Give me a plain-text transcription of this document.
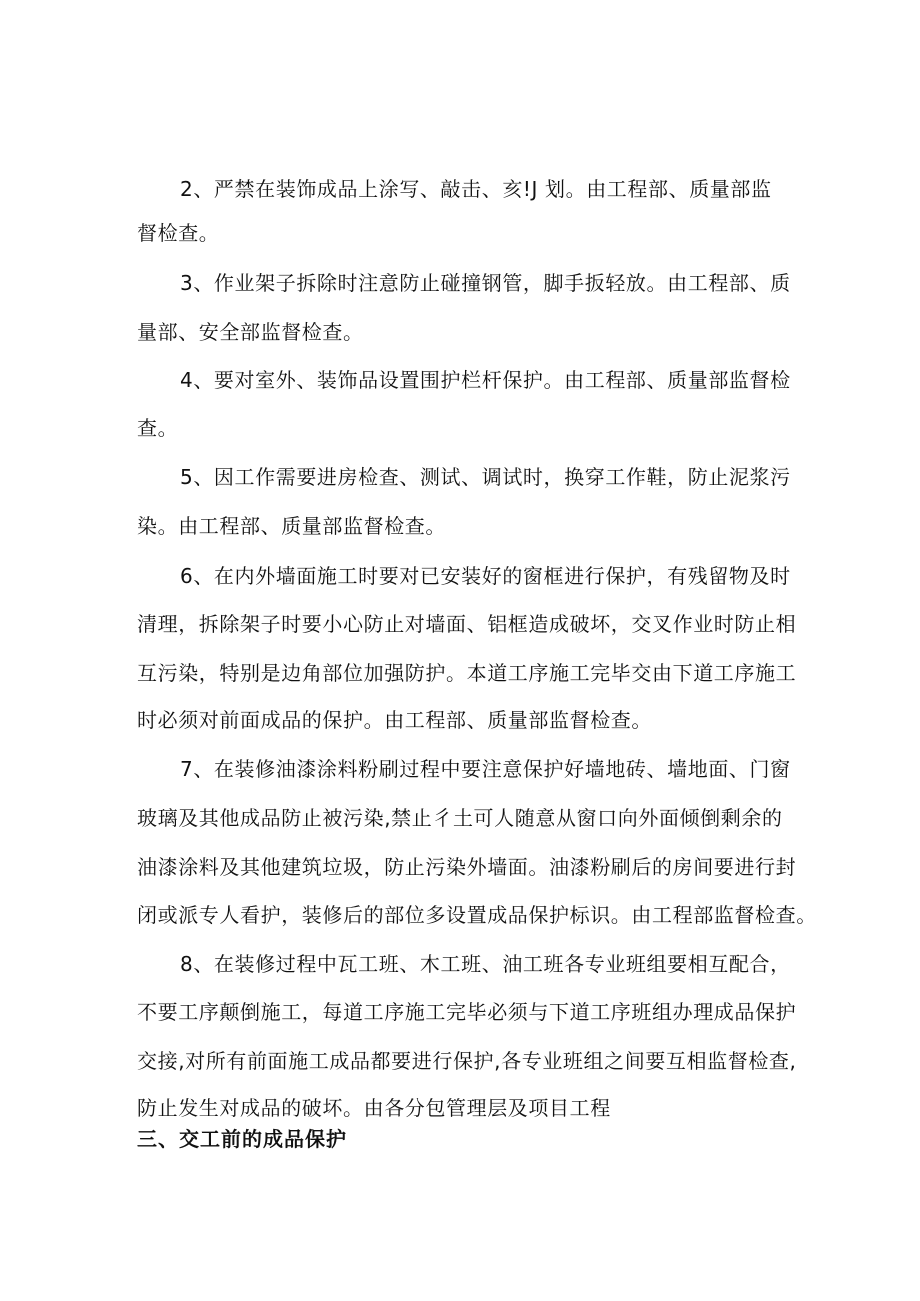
2、严禁在装饰成品上涂写、敲击、亥!J 划。由工程部、质量部监
督检查。
3、作业架子拆除时注意防止碰撞钢管，脚手扳轻放。由工程部、质
量部、安全部监督检查。
4、要对室外、装饰品设置围护栏杆保护。由工程部、质量部监督检
查。
5、因工作需要进房检查、测试、调试时，换穿工作鞋，防止泥浆污
染。由工程部、质量部监督检查。
6、在内外墙面施工时要对已安装好的窗框进行保护，有残留物及时
清理，拆除架子时要小心防止对墙面、铝框造成破坏，交叉作业时防止相
互污染，特别是边角部位加强防护。本道工序施工完毕交由下道工序施工
时必须对前面成品的保护。由工程部、质量部监督检查。
7、在装修油漆涂料粉刷过程中要注意保护好墙地砖、墙地面、门窗
玻璃及其他成品防止被污染,禁止彳土可人随意从窗口向外面倾倒剩余的
油漆涂料及其他建筑垃圾，防止污染外墙面。油漆粉刷后的房间要进行封
闭或派专人看护，装修后的部位多设置成品保护标识。由工程部监督检查。
8、在装修过程中瓦工班、木工班、油工班各专业班组要相互配合，
不要工序颠倒施工，每道工序施工完毕必须与下道工序班组办理成品保护
交接,对所有前面施工成品都要进行保护,各专业班组之间要互相监督检查,
防止发生对成品的破坏。由各分包管理层及项目工程
三、交工前的成品保护
